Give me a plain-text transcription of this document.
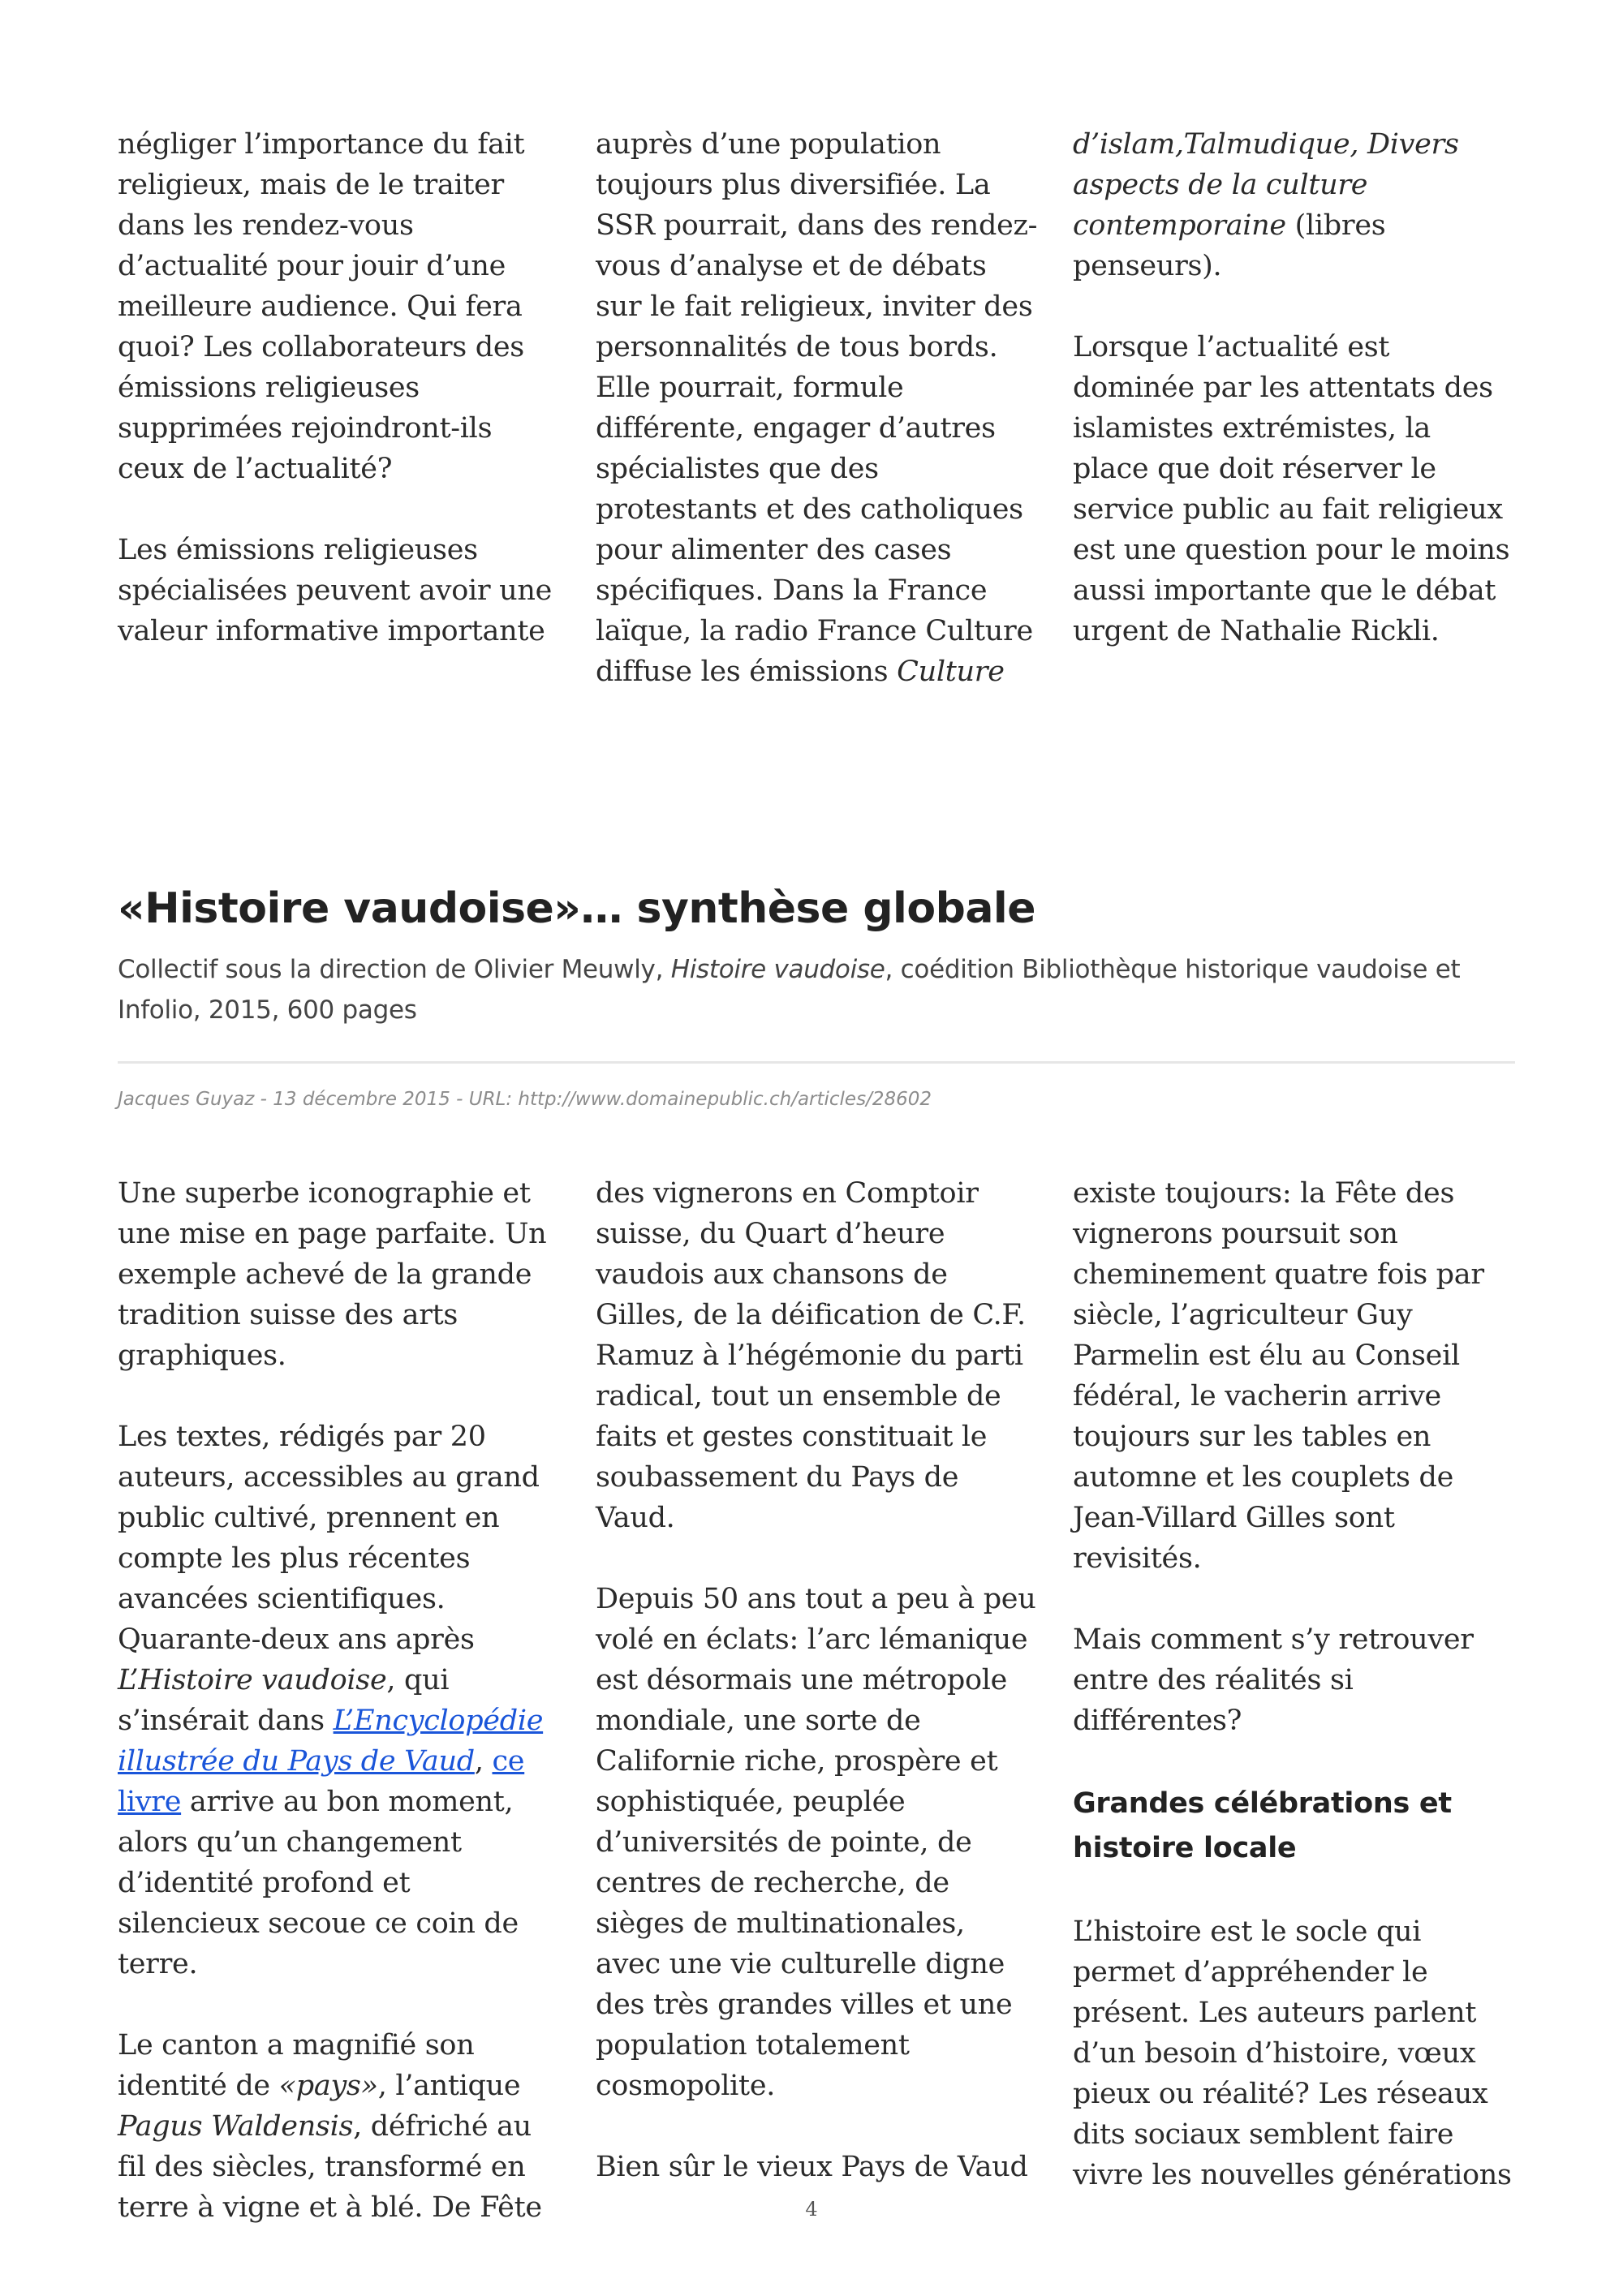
négliger l’importance du fait religieux, mais de le traiter dans les rendez-vous d’actualité pour jouir d’une meilleure audience. Qui fera quoi? Les collaborateurs des émissions religieuses supprimées rejoindront-ils ceux de l’actualité?

Les émissions religieuses spécialisées peuvent avoir une valeur informative importante

auprès d’une population toujours plus diversifiée. La SSR pourrait, dans des rendez-vous d’analyse et de débats sur le fait religieux, inviter des personnalités de tous bords. Elle pourrait, formule différente, engager d’autres spécialistes que des protestants et des catholiques pour alimenter des cases spécifiques. Dans la France laïque, la radio France Culture diffuse les émissions Culture

d’islam,Talmudique, Divers aspects de la culture contemporaine (libres penseurs).

Lorsque l’actualité est dominée par les attentats des islamistes extrémistes, la place que doit réserver le service public au fait religieux est une question pour le moins aussi importante que le débat urgent de Nathalie Rickli.

«Histoire vaudoise»… synthèse globale

Collectif sous la direction de Olivier Meuwly, Histoire vaudoise, coédition Bibliothèque historique vaudoise et Infolio, 2015, 600 pages

Jacques Guyaz - 13 décembre 2015 - URL: http://www.domainepublic.ch/articles/28602

Une superbe iconographie et une mise en page parfaite. Un exemple achevé de la grande tradition suisse des arts graphiques.

Les textes, rédigés par 20 auteurs, accessibles au grand public cultivé, prennent en compte les plus récentes avancées scientifiques. Quarante-deux ans après L’Histoire vaudoise, qui s’insérait dans L’Encyclopédie illustrée du Pays de Vaud, ce livre arrive au bon moment, alors qu’un changement d’identité profond et silencieux secoue ce coin de terre.

Le canton a magnifié son identité de «pays», l’antique Pagus Waldensis, défriché au fil des siècles, transformé en terre à vigne et à blé. De Fête

des vignerons en Comptoir suisse, du Quart d’heure vaudois aux chansons de Gilles, de la déification de C.F. Ramuz à l’hégémonie du parti radical, tout un ensemble de faits et gestes constituait le soubassement du Pays de Vaud.

Depuis 50 ans tout a peu à peu volé en éclats: l’arc lémanique est désormais une métropole mondiale, une sorte de Californie riche, prospère et sophistiquée, peuplée d’universités de pointe, de centres de recherche, de sièges de multinationales, avec une vie culturelle digne des très grandes villes et une population totalement cosmopolite.

Bien sûr le vieux Pays de Vaud

existe toujours: la Fête des vignerons poursuit son cheminement quatre fois par siècle, l’agriculteur Guy Parmelin est élu au Conseil fédéral, le vacherin arrive toujours sur les tables en automne et les couplets de Jean-Villard Gilles sont revisités.

Mais comment s’y retrouver entre des réalités si différentes?

Grandes célébrations et histoire locale

L’histoire est le socle qui permet d’appréhender le présent. Les auteurs parlent d’un besoin d’histoire, vœux pieux ou réalité? Les réseaux dits sociaux semblent faire vivre les nouvelles générations

4
